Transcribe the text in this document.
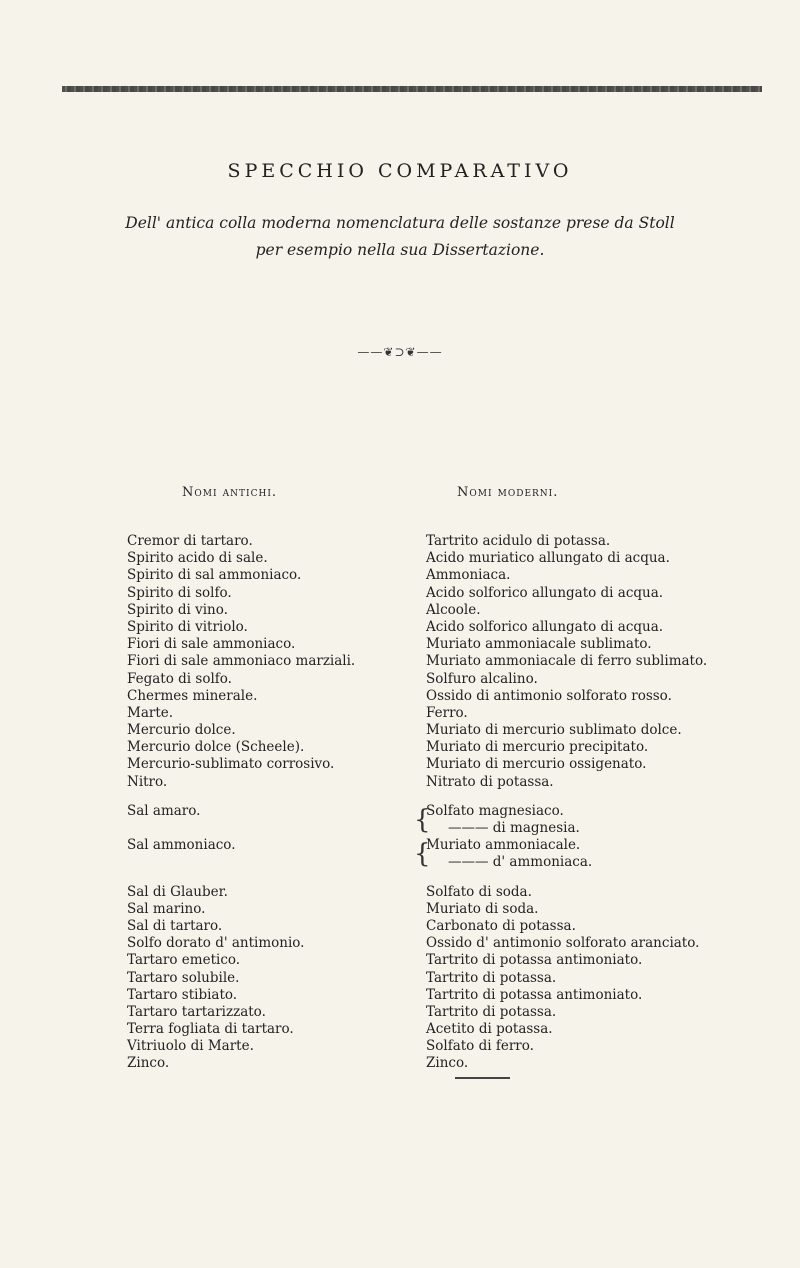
SPECCHIO COMPARATIVO
Dell' antica colla moderna nomenclatura delle sostanze prese da Stoll
per esempio nella sua Dissertazione.
——❦⊃❦——
Nomi antichi.	Nomi moderni.
Cremor di tartaro.
Spirito acido di sale.
Spirito di sal ammoniaco.
Spirito di solfo.
Spirito di vino.
Spirito di vitriolo.
Fiori di sale ammoniaco.
Fiori di sale ammoniaco marziali.
Fegato di solfo.
Chermes minerale.
Marte.
Mercurio dolce.
Mercurio dolce (Scheele).
Mercurio-sublimato corrosivo.
Nitro.
Sal amaro.
Sal ammoniaco.
Sal di Glauber.
Sal marino.
Sal di tartaro.
Solfo dorato d' antimonio.
Tartaro emetico.
Tartaro solubile.
Tartaro stibiato.
Tartaro tartarizzato.
Terra fogliata di tartaro.
Vitriuolo di Marte.
Zinco.
Tartrito acidulo di potassa.
Acido muriatico allungato di acqua.
Ammoniaca.
Acido solforico allungato di acqua.
Alcoole.
Acido solforico allungato di acqua.
Muriato ammoniacale sublimato.
Muriato ammoniacale di ferro sublimato.
Solfuro alcalino.
Ossido di antimonio solforato rosso.
Ferro.
Muriato di mercurio sublimato dolce.
Muriato di mercurio precipitato.
Muriato di mercurio ossigenato.
Nitrato di potassa.
{
Solfato magnesiaco.
——— di magnesia.
{
Muriato ammoniacale.
——— d' ammoniaca.
Solfato di soda.
Muriato di soda.
Carbonato di potassa.
Ossido d' antimonio solforato aranciato.
Tartrito di potassa antimoniato.
Tartrito di potassa.
Tartrito di potassa antimoniato.
Tartrito di potassa.
Acetito di potassa.
Solfato di ferro.
Zinco.
